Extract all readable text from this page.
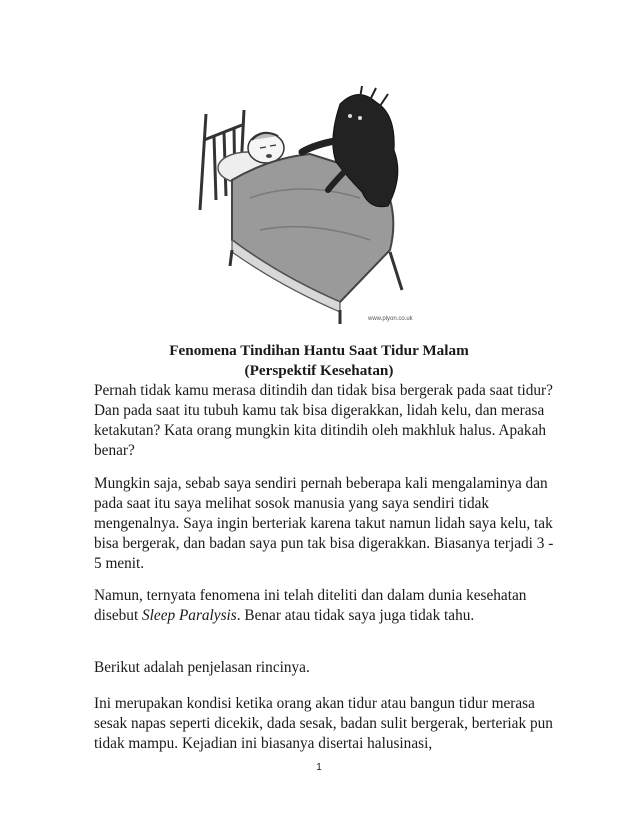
www.plyon.co.uk
Fenomena Tindihan Hantu Saat Tidur Malam
(Perspektif Kesehatan)

Pernah tidak kamu merasa ditindih dan tidak bisa bergerak pada saat tidur? Dan pada saat itu tubuh kamu tak bisa digerakkan, lidah kelu, dan merasa ketakutan? Kata orang mungkin kita ditindih oleh makhluk halus. Apakah benar?

Mungkin saja, sebab saya sendiri pernah beberapa kali mengalaminya dan pada saat itu saya melihat sosok manusia yang saya sendiri tidak mengenalnya. Saya ingin berteriak karena takut namun lidah saya kelu, tak bisa bergerak, dan badan saya pun tak bisa digerakkan. Biasanya terjadi 3 - 5 menit.

Namun, ternyata fenomena ini telah diteliti dan dalam dunia kesehatan disebut Sleep Paralysis. Benar atau tidak saya juga tidak tahu.

Berikut adalah penjelasan rincinya.

Ini merupakan kondisi ketika orang akan tidur atau bangun tidur merasa sesak napas seperti dicekik, dada sesak, badan sulit bergerak, berteriak pun tidak mampu. Kejadian ini biasanya disertai halusinasi,

1
